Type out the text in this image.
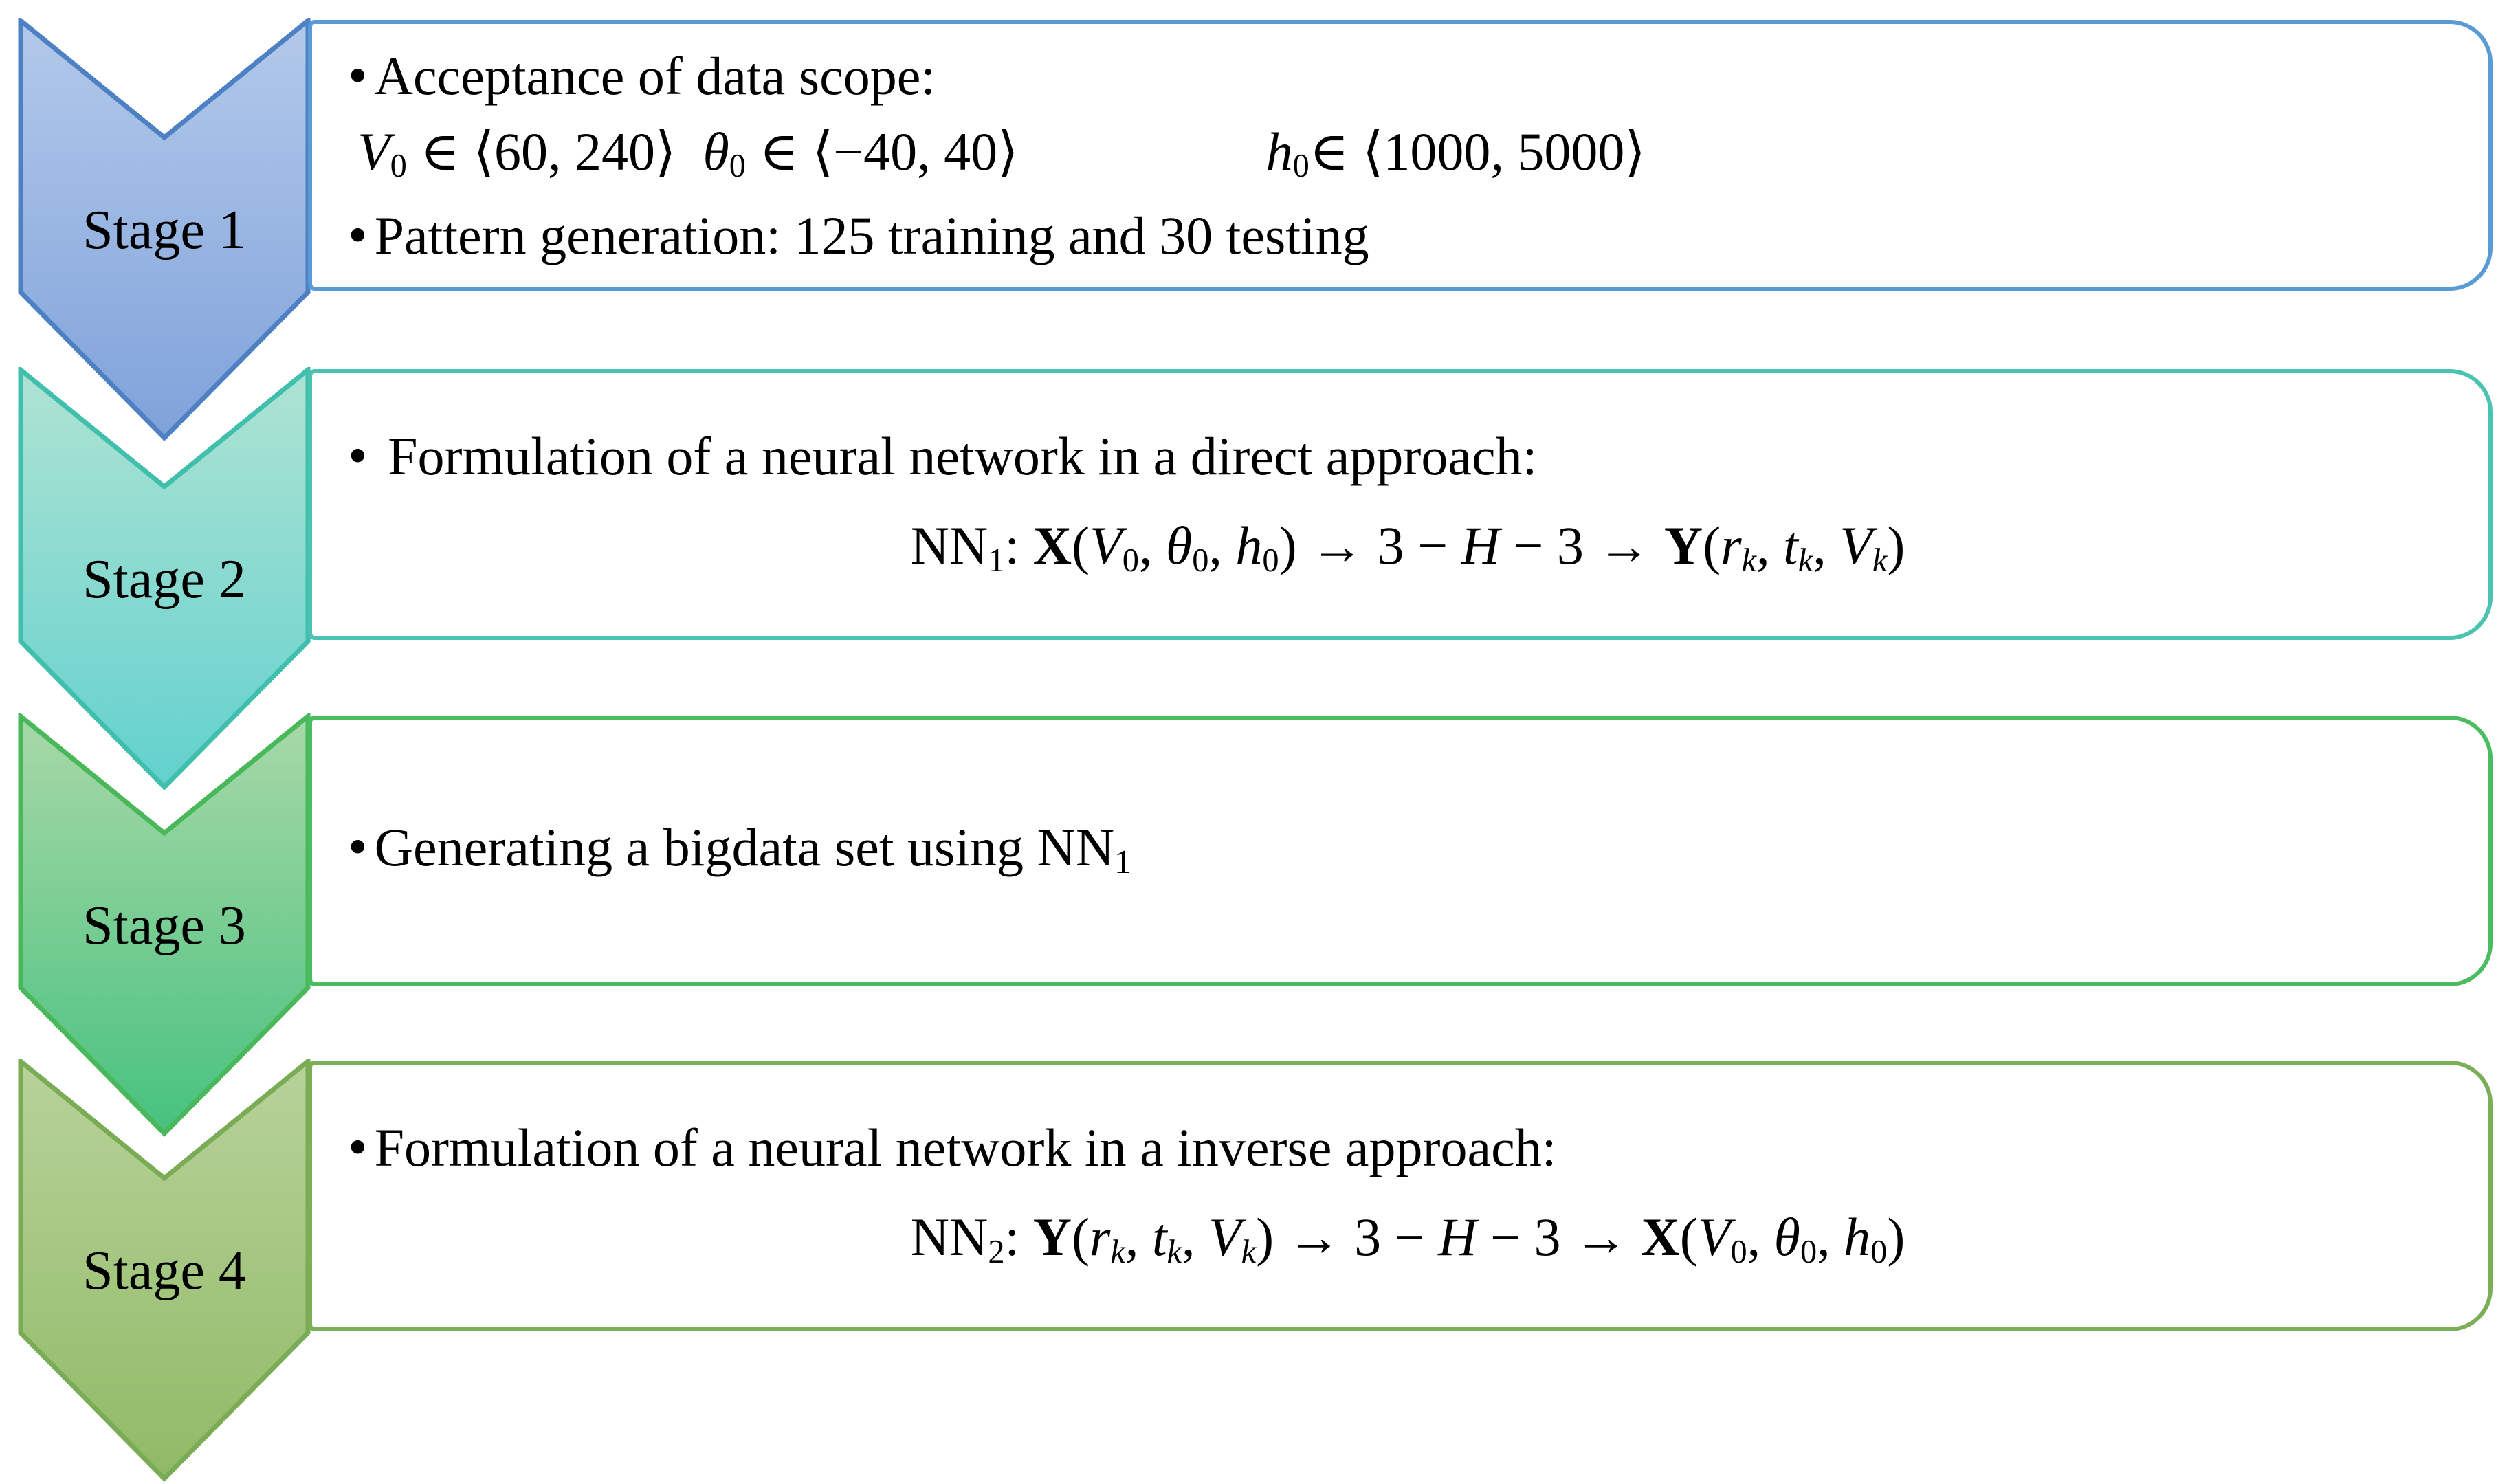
Stage 1
• Acceptance of data scope:
V0 ∈ ⟨60, 240⟩  θ0 ∈ ⟨−40, 40⟩	h0∈ ⟨1000, 5000⟩
• Pattern generation: 125 training and 30 testing
Stage 2
• Formulation of a neural network in a direct approach:
NN1: X(V0, θ0, h0) → 3 − H − 3 → Y(rk, tk, Vk)
Stage 3
• Generating a bigdata set using NN1
Stage 4
• Formulation of a neural network in a inverse approach:
NN2: Y(rk, tk, Vk) → 3 − H − 3 → X(V0, θ0, h0)
